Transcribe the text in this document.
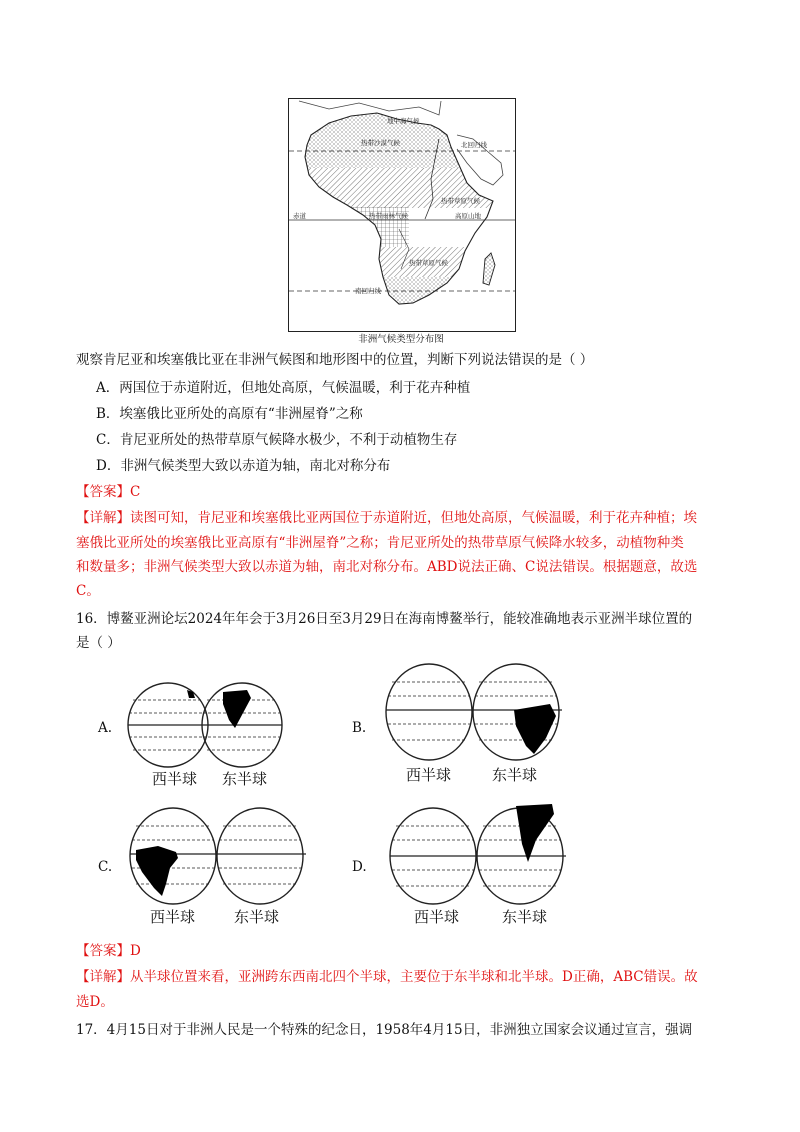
地中海气候
热带沙漠气候	北回归线
赤道	热带雨林气候
热带草原气候
高原山地
热带草原气候
南回归线
非洲气候类型分布图
观察肯尼亚和埃塞俄比亚在非洲气候图和地形图中的位置，判断下列说法错误的是（ ）
A．两国位于赤道附近，但地处高原，气候温暖，利于花卉种植
B．埃塞俄比亚所处的高原有“非洲屋脊”之称
C．肯尼亚所处的热带草原气候降水极少，不利于动植物生存
D．非洲气候类型大致以赤道为轴，南北对称分布
【答案】C
【详解】读图可知，肯尼亚和埃塞俄比亚两国位于赤道附近，但地处高原，气候温暖，利于花卉种植；埃
塞俄比亚所处的埃塞俄比亚高原有“非洲屋脊”之称；肯尼亚所处的热带草原气候降水较多，动植物种类
和数量多；非洲气候类型大致以赤道为轴，南北对称分布。ABD说法正确、C说法错误。根据题意，故选
C。
16．博鳌亚洲论坛2024年年会于3月26日至3月29日在海南博鳌举行，能较准确地表示亚洲半球位置的
是（ ）
A.
西半球 东半球
B.
西半球	东半球
C.
西半球	东半球
D.
西半球	东半球
【答案】D
【详解】从半球位置来看，亚洲跨东西南北四个半球，主要位于东半球和北半球。D正确，ABC错误。故
选D。
17．4月15日对于非洲人民是一个特殊的纪念日，1958年4月15日，非洲独立国家会议通过宣言，强调
